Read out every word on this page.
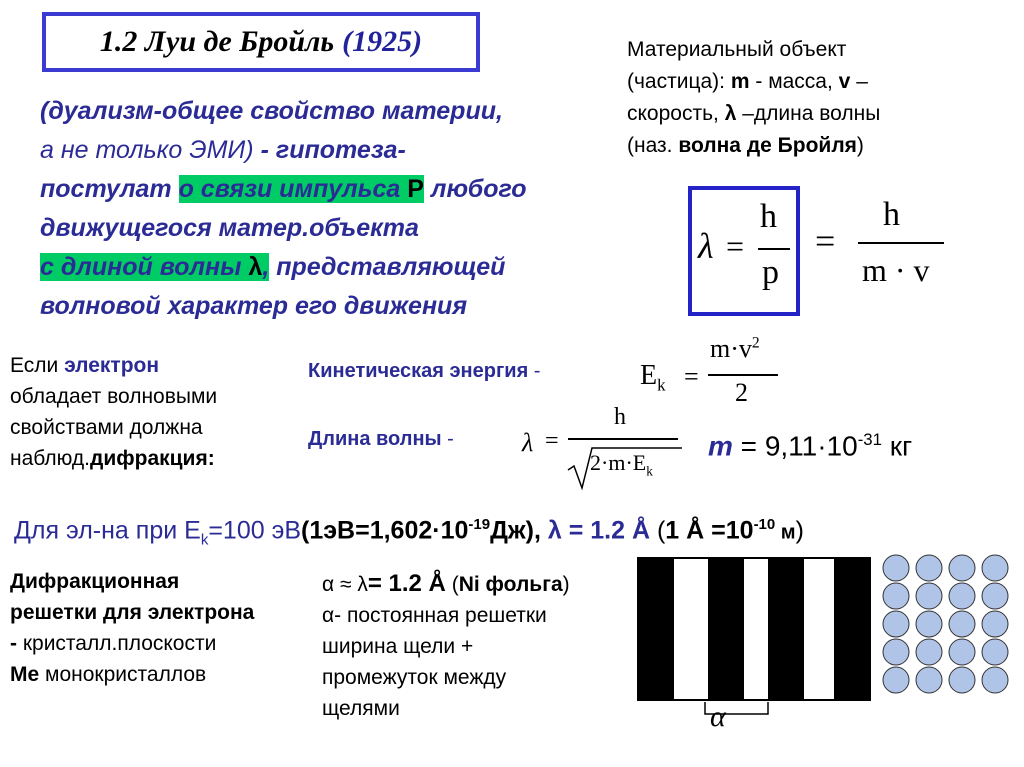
1.2 Луи де Бройль (1925)
(дуализм-общее свойство материи,
а не только ЭМИ) - гипотеза-
постулат о связи импульса Р любого
движущегося матер.объекта
с длиной волны λ, представляющей
волновой характер его движения
Материальный объект
(частица): m - масса, v –
скорость, λ –длина волны
(наз. волна де Бройля)
λ =
h
p
=
h
m · v
Если электрон
обладает волновыми
свойствами должна
наблюд.дифракция:
Кинетическая энергия -	$E_k$ =
$m\cdot v^2$
2
Длина волны -	λ =
h
$2\cdot m\cdot E_k$
$m = 9,11\cdot 10^{-31}$ кг
Для эл-на при $E_k=100$ $эВ(1эВ=1,602\cdot 10^{-19}Дж)$, λ = 1.2 Å (1 Å $=10^{-10}$ м)
Дифракционная
решетки для электрона
- кристалл.плоскости
Ме монокристаллов
α ≈ λ= 1.2 Å (Ni фольга)
α- постоянная решетки
ширина щели +
промежуток между
щелями	α
